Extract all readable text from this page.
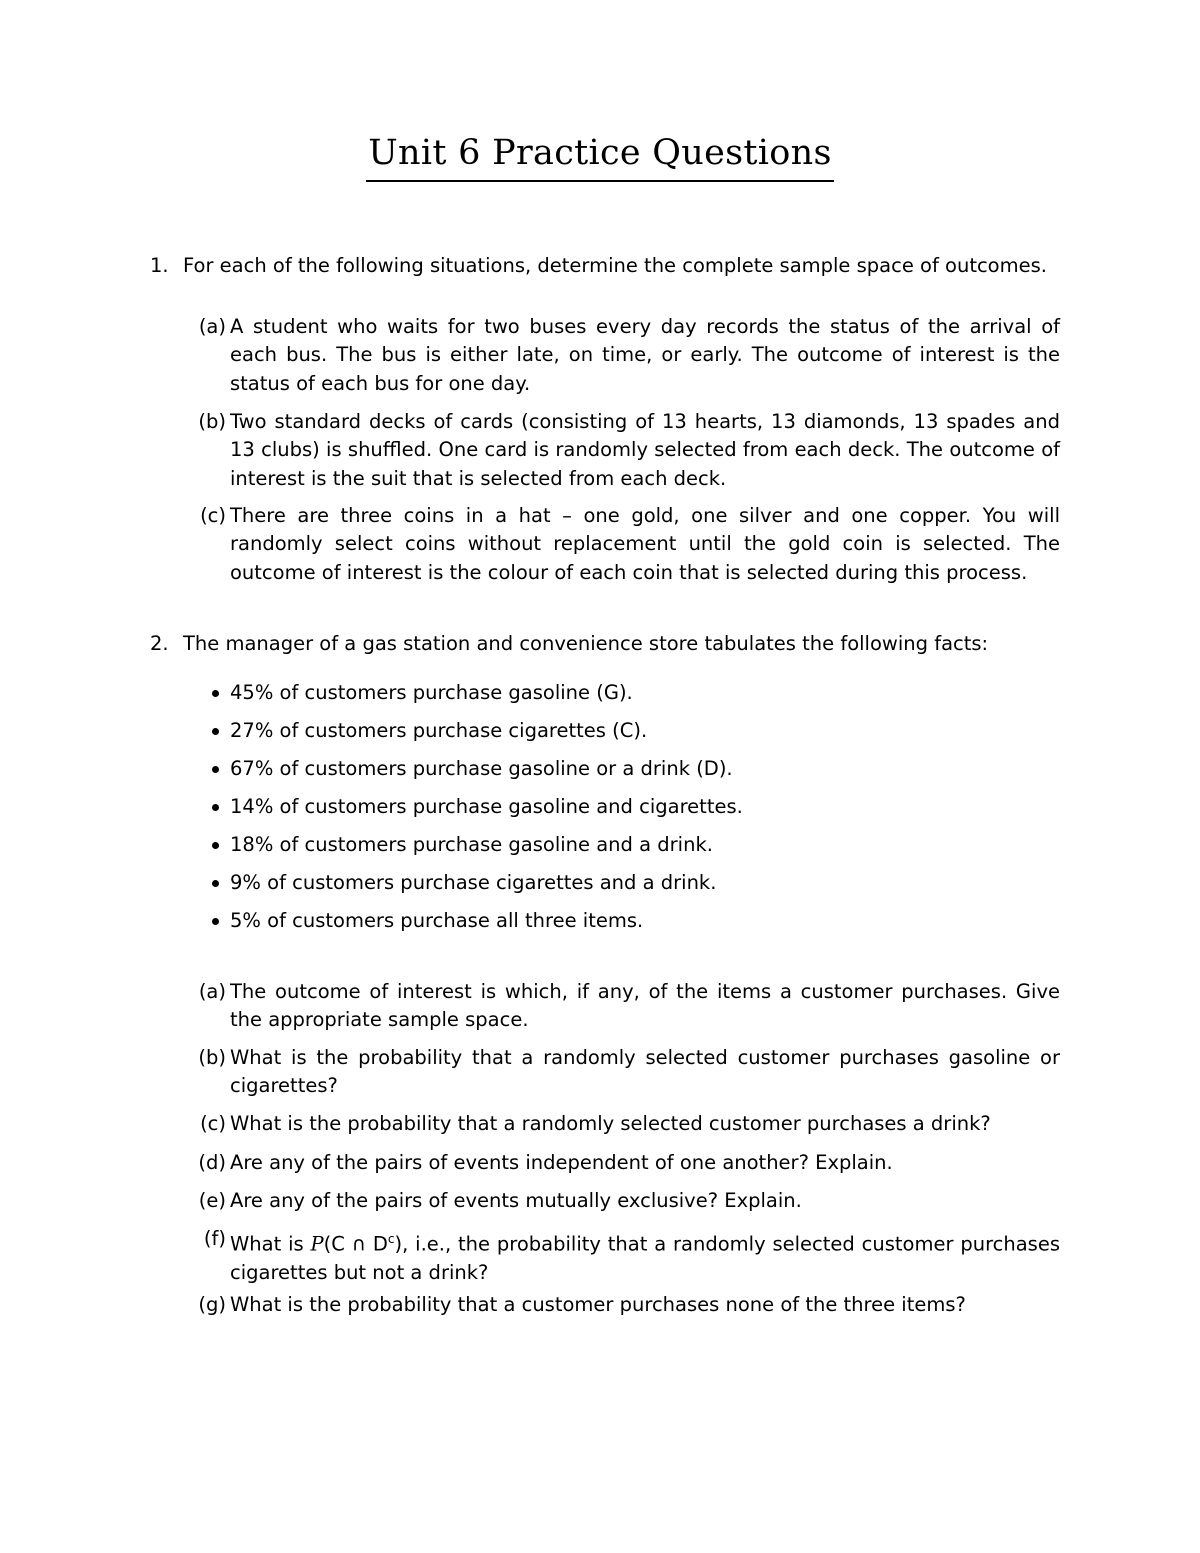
Unit 6 Practice Questions
1. For each of the following situations, determine the complete sample space of outcomes.
(a) A student who waits for two buses every day records the status of the arrival of each bus. The bus is either late, on time, or early. The outcome of interest is the status of each bus for one day.
(b) Two standard decks of cards (consisting of 13 hearts, 13 diamonds, 13 spades and 13 clubs) is shuffled. One card is randomly selected from each deck. The outcome of interest is the suit that is selected from each deck.
(c) There are three coins in a hat – one gold, one silver and one copper. You will randomly select coins without replacement until the gold coin is selected. The outcome of interest is the colour of each coin that is selected during this process.
2. The manager of a gas station and convenience store tabulates the following facts:
45% of customers purchase gasoline (G).
27% of customers purchase cigarettes (C).
67% of customers purchase gasoline or a drink (D).
14% of customers purchase gasoline and cigarettes.
18% of customers purchase gasoline and a drink.
9% of customers purchase cigarettes and a drink.
5% of customers purchase all three items.
(a) The outcome of interest is which, if any, of the items a customer purchases. Give the appropriate sample space.
(b) What is the probability that a randomly selected customer purchases gasoline or cigarettes?
(c) What is the probability that a randomly selected customer purchases a drink?
(d) Are any of the pairs of events independent of one another? Explain.
(e) Are any of the pairs of events mutually exclusive? Explain.
(f) What is P(C ∩ $D^c$), i.e., the probability that a randomly selected customer purchases cigarettes but not a drink?
(g) What is the probability that a customer purchases none of the three items?
